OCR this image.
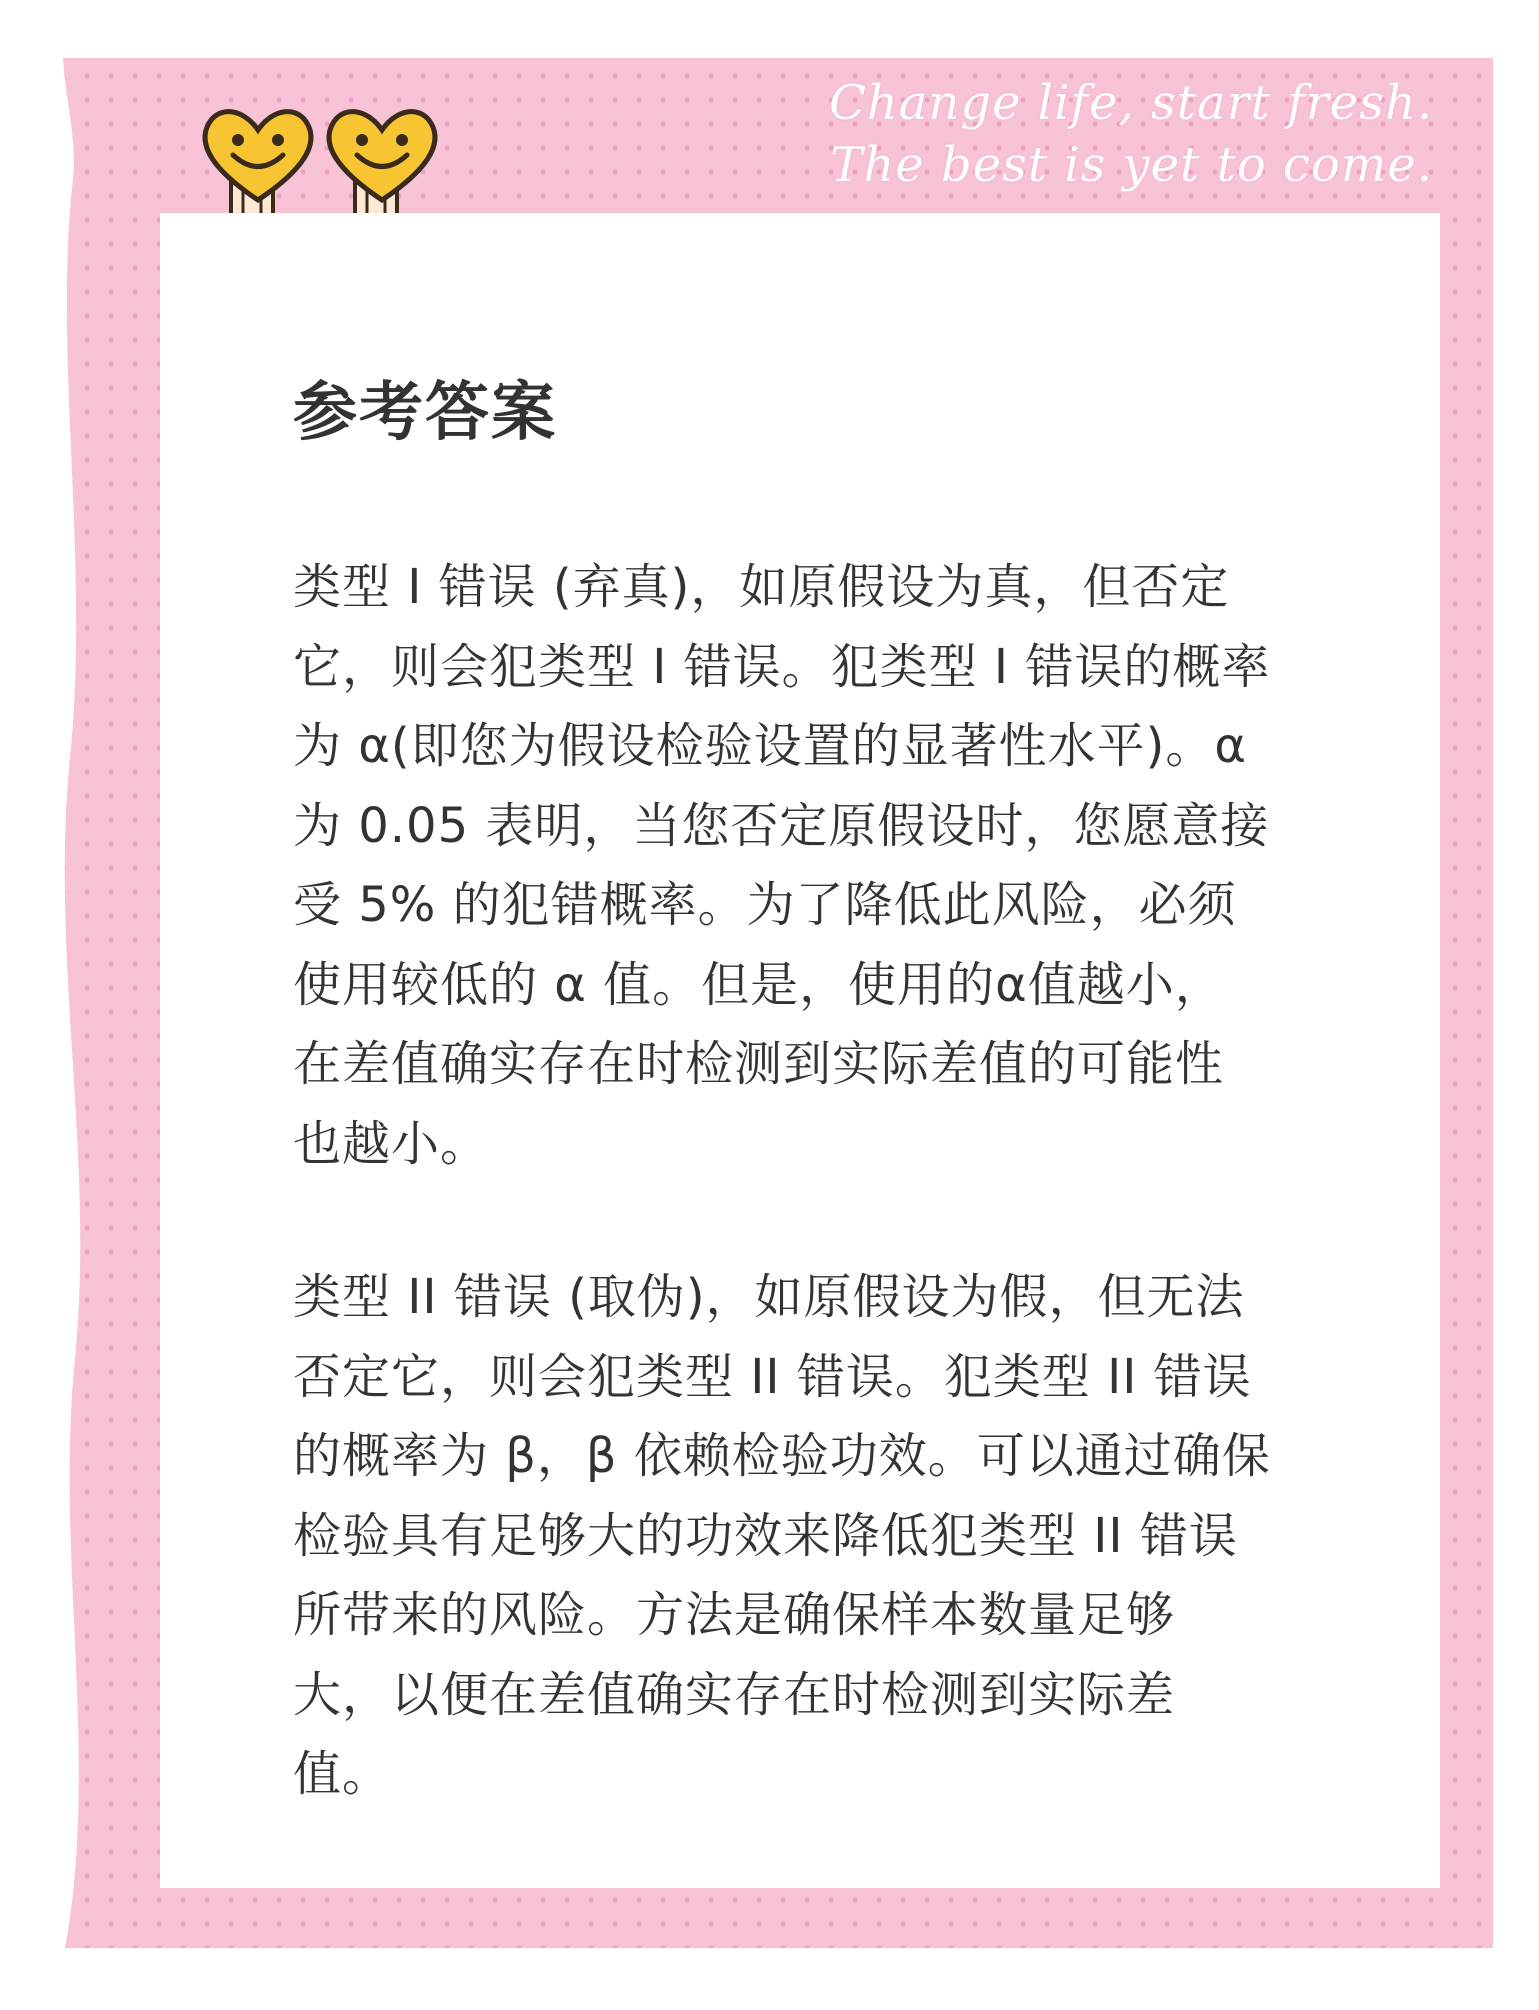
Change life, start fresh.
The best is yet to come.
参考答案
类型 I 错误 (弃真)，如原假设为真，但否定
它，则会犯类型 I 错误。犯类型 I 错误的概率
为 α(即您为假设检验设置的显著性水平)。α
为 0.05 表明，当您否定原假设时，您愿意接
受 5% 的犯错概率。为了降低此风险，必须
使用较低的 α 值。但是，使用的α值越小，
在差值确实存在时检测到实际差值的可能性
也越小。
类型 II 错误 (取伪)，如原假设为假，但无法
否定它，则会犯类型 II 错误。犯类型 II 错误
的概率为 β，β 依赖检验功效。可以通过确保
检验具有足够大的功效来降低犯类型 II 错误
所带来的风险。方法是确保样本数量足够
大，以便在差值确实存在时检测到实际差
值。
